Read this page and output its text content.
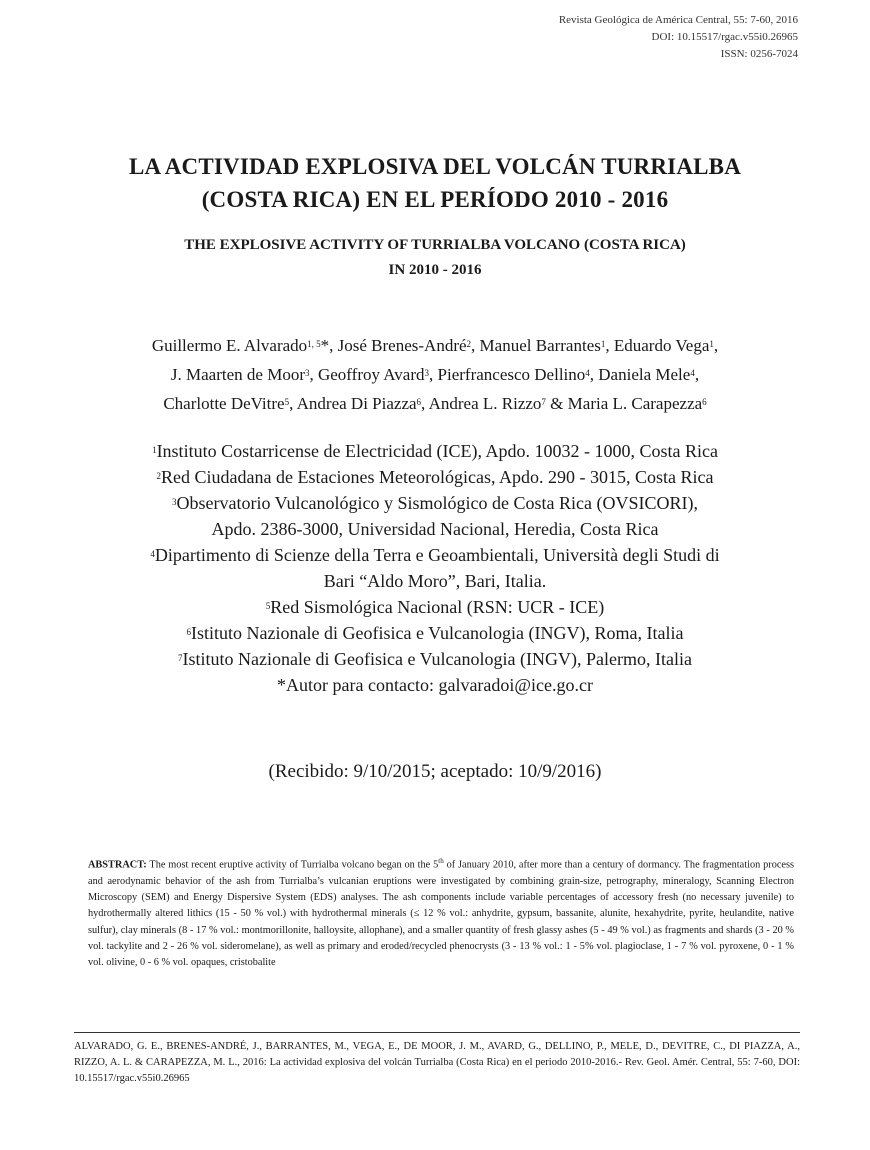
Revista Geológica de América Central, 55: 7-60, 2016
DOI: 10.15517/rgac.v55i0.26965
ISSN: 0256-7024
LA ACTIVIDAD EXPLOSIVA DEL VOLCÁN TURRIALBA
(COSTA RICA) EN EL PERÍODO 2010 - 2016
THE EXPLOSIVE ACTIVITY OF TURRIALBA VOLCANO (COSTA RICA)
IN 2010 - 2016
Guillermo E. Alvarado$^{1, 5}$*, José Brenes-André$^2$, Manuel Barrantes$^1$, Eduardo Vega$^1$,
J. Maarten de Moor$^3$, Geoffroy Avard$^3$, Pierfrancesco Dellino$^4$, Daniela Mele$^4$,
Charlotte DeVitre$^5$, Andrea Di Piazza$^6$, Andrea L. Rizzo$^7$ & Maria L. Carapezza$^6$
$^1$Instituto Costarricense de Electricidad (ICE), Apdo. 10032 - 1000, Costa Rica
$^2$Red Ciudadana de Estaciones Meteorológicas, Apdo. 290 - 3015, Costa Rica
$^3$Observatorio Vulcanológico y Sismológico de Costa Rica (OVSICORI),
Apdo. 2386-3000, Universidad Nacional, Heredia, Costa Rica
$^4$Dipartimento di Scienze della Terra e Geoambientali, Università degli Studi di
Bari “Aldo Moro”, Bari, Italia.
$^5$Red Sismológica Nacional (RSN: UCR - ICE)
$^6$Istituto Nazionale di Geofisica e Vulcanologia (INGV), Roma, Italia
$^7$Istituto Nazionale di Geofisica e Vulcanologia (INGV), Palermo, Italia
*Autor para contacto: galvaradoi@ice.go.cr
(Recibido: 9/10/2015; aceptado: 10/9/2016)
ABSTRACT: The most recent eruptive activity of Turrialba volcano began on the 5th of January 2010, after more than a century of dormancy. The fragmentation process and aerodynamic behavior of the ash from Turrialba’s vulcanian eruptions were investigated by combining grain-size, petrography, mineralogy, Scanning Electron Microscopy (SEM) and Energy Dispersive System (EDS) analyses. The ash components include variable percentages of accessory fresh (no necessary juvenile) to hydrothermally altered lithics (15 - 50 % vol.) with hydrothermal minerals (≤ 12 % vol.: anhydrite, gypsum, bassanite, alunite, hexahydrite, pyrite, heulandite, native sulfur), clay minerals (8 - 17 % vol.: montmorillonite, halloysite, allophane), and a smaller quantity of fresh glassy ashes (5 - 49 % vol.) as fragments and shards (3 - 20 % vol. tackylite and 2 - 26 % vol. sideromelane), as well as primary and eroded/recycled phenocrysts (3 - 13 % vol.: 1 - 5% vol. plagioclase, 1 - 7 % vol. pyroxene, 0 - 1 % vol. olivine, 0 - 6 % vol. opaques, cristobalite
ALVARADO, G. E., BRENES-ANDRÉ, J., BARRANTES, M., VEGA, E., DE MOOR, J. M., AVARD, G., DELLINO, P., MELE, D., DEVITRE, C., DI PIAZZA, A., RIZZO, A. L. & CARAPEZZA, M. L., 2016: La actividad explosiva del volcán Turrialba (Costa Rica) en el periodo 2010-2016.- Rev. Geol. Amér. Central, 55: 7-60, DOI: 10.15517/rgac.v55i0.26965
